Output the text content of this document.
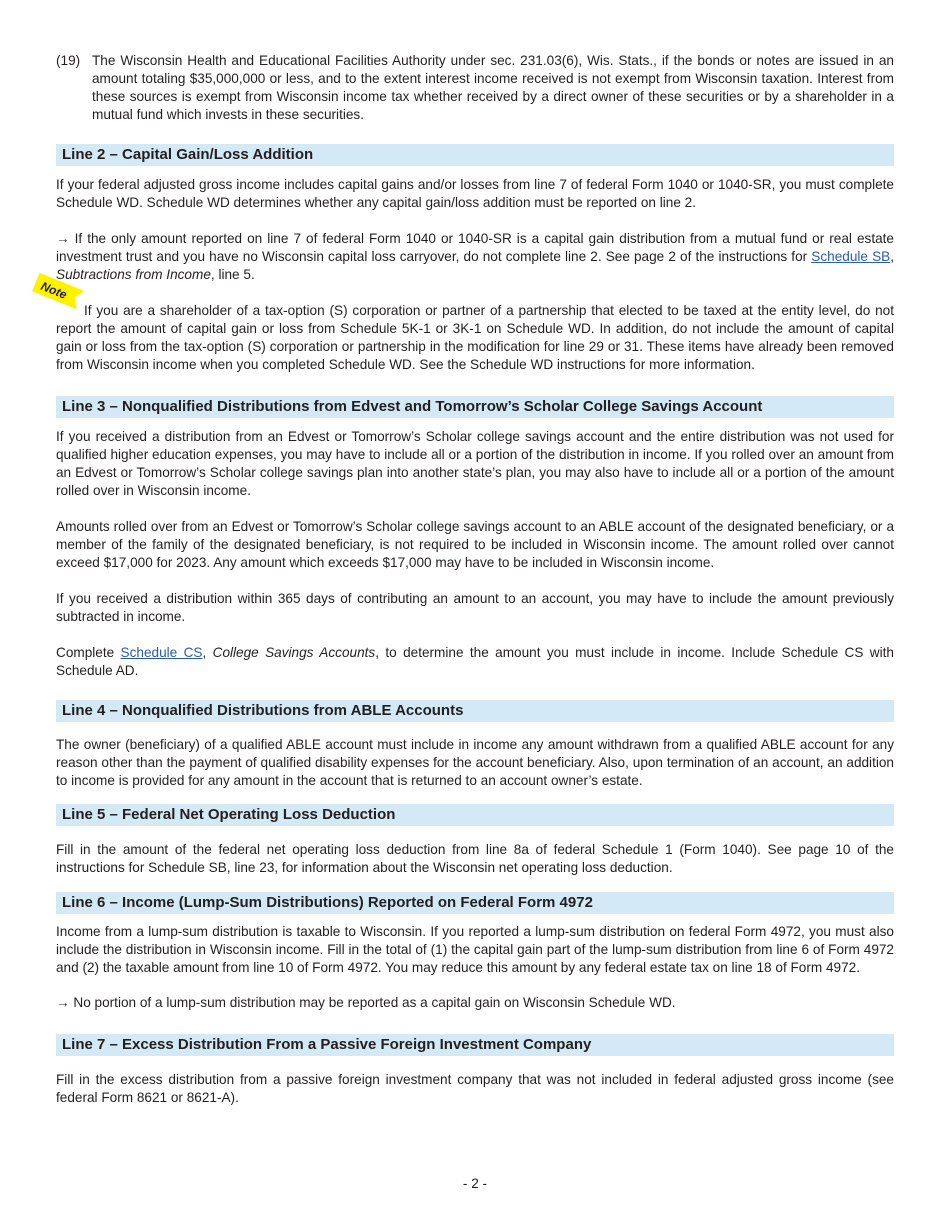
(19) The Wisconsin Health and Educational Facilities Authority under sec. 231.03(6), Wis. Stats., if the bonds or notes are issued in an amount totaling $35,000,000 or less, and to the extent interest income received is not exempt from Wisconsin taxation. Interest from these sources is exempt from Wisconsin income tax whether received by a direct owner of these securities or by a shareholder in a mutual fund which invests in these securities.

Line 2 – Capital Gain/Loss Addition

If your federal adjusted gross income includes capital gains and/or losses from line 7 of federal Form 1040 or 1040-SR, you must complete Schedule WD. Schedule WD determines whether any capital gain/loss addition must be reported on line 2.

→ If the only amount reported on line 7 of federal Form 1040 or 1040-SR is a capital gain distribution from a mutual fund or real estate investment trust and you have no Wisconsin capital loss carryover, do not complete line 2. See page 2 of the instructions for Schedule SB, Subtractions from Income, line 5.

Note

If you are a shareholder of a tax-option (S) corporation or partner of a partnership that elected to be taxed at the entity level, do not report the amount of capital gain or loss from Schedule 5K-1 or 3K-1 on Schedule WD. In addition, do not include the amount of capital gain or loss from the tax-option (S) corporation or partnership in the modification for line 29 or 31. These items have already been removed from Wisconsin income when you completed Schedule WD. See the Schedule WD instructions for more information.

Line 3 – Nonqualified Distributions from Edvest and Tomorrow’s Scholar College Savings Account

If you received a distribution from an Edvest or Tomorrow’s Scholar college savings account and the entire distribution was not used for qualified higher education expenses, you may have to include all or a portion of the distribution in income. If you rolled over an amount from an Edvest or Tomorrow’s Scholar college savings plan into another state’s plan, you may also have to include all or a portion of the amount rolled over in Wisconsin income.

Amounts rolled over from an Edvest or Tomorrow’s Scholar college savings account to an ABLE account of the designated beneficiary, or a member of the family of the designated beneficiary, is not required to be included in Wisconsin income. The amount rolled over cannot exceed $17,000 for 2023. Any amount which exceeds $17,000 may have to be included in Wisconsin income.

If you received a distribution within 365 days of contributing an amount to an account, you may have to include the amount previously subtracted in income.

Complete Schedule CS, College Savings Accounts, to determine the amount you must include in income. Include Schedule CS with Schedule AD.

Line 4 – Nonqualified Distributions from ABLE Accounts

The owner (beneficiary) of a qualified ABLE account must include in income any amount withdrawn from a qualified ABLE account for any reason other than the payment of qualified disability expenses for the account beneficiary. Also, upon termination of an account, an addition to income is provided for any amount in the account that is returned to an account owner’s estate.

Line 5 – Federal Net Operating Loss Deduction

Fill in the amount of the federal net operating loss deduction from line 8a of federal Schedule 1 (Form 1040). See page 10 of the instructions for Schedule SB, line 23, for information about the Wisconsin net operating loss deduction.

Line 6 – Income (Lump-Sum Distributions) Reported on Federal Form 4972

Income from a lump-sum distribution is taxable to Wisconsin. If you reported a lump-sum distribution on federal Form 4972, you must also include the distribution in Wisconsin income. Fill in the total of (1) the capital gain part of the lump-sum distribution from line 6 of Form 4972 and (2) the taxable amount from line 10 of Form 4972. You may reduce this amount by any federal estate tax on line 18 of Form 4972.

→ No portion of a lump-sum distribution may be reported as a capital gain on Wisconsin Schedule WD.

Line 7 – Excess Distribution From a Passive Foreign Investment Company

Fill in the excess distribution from a passive foreign investment company that was not included in federal adjusted gross income (see federal Form 8621 or 8621-A).

- 2 -
